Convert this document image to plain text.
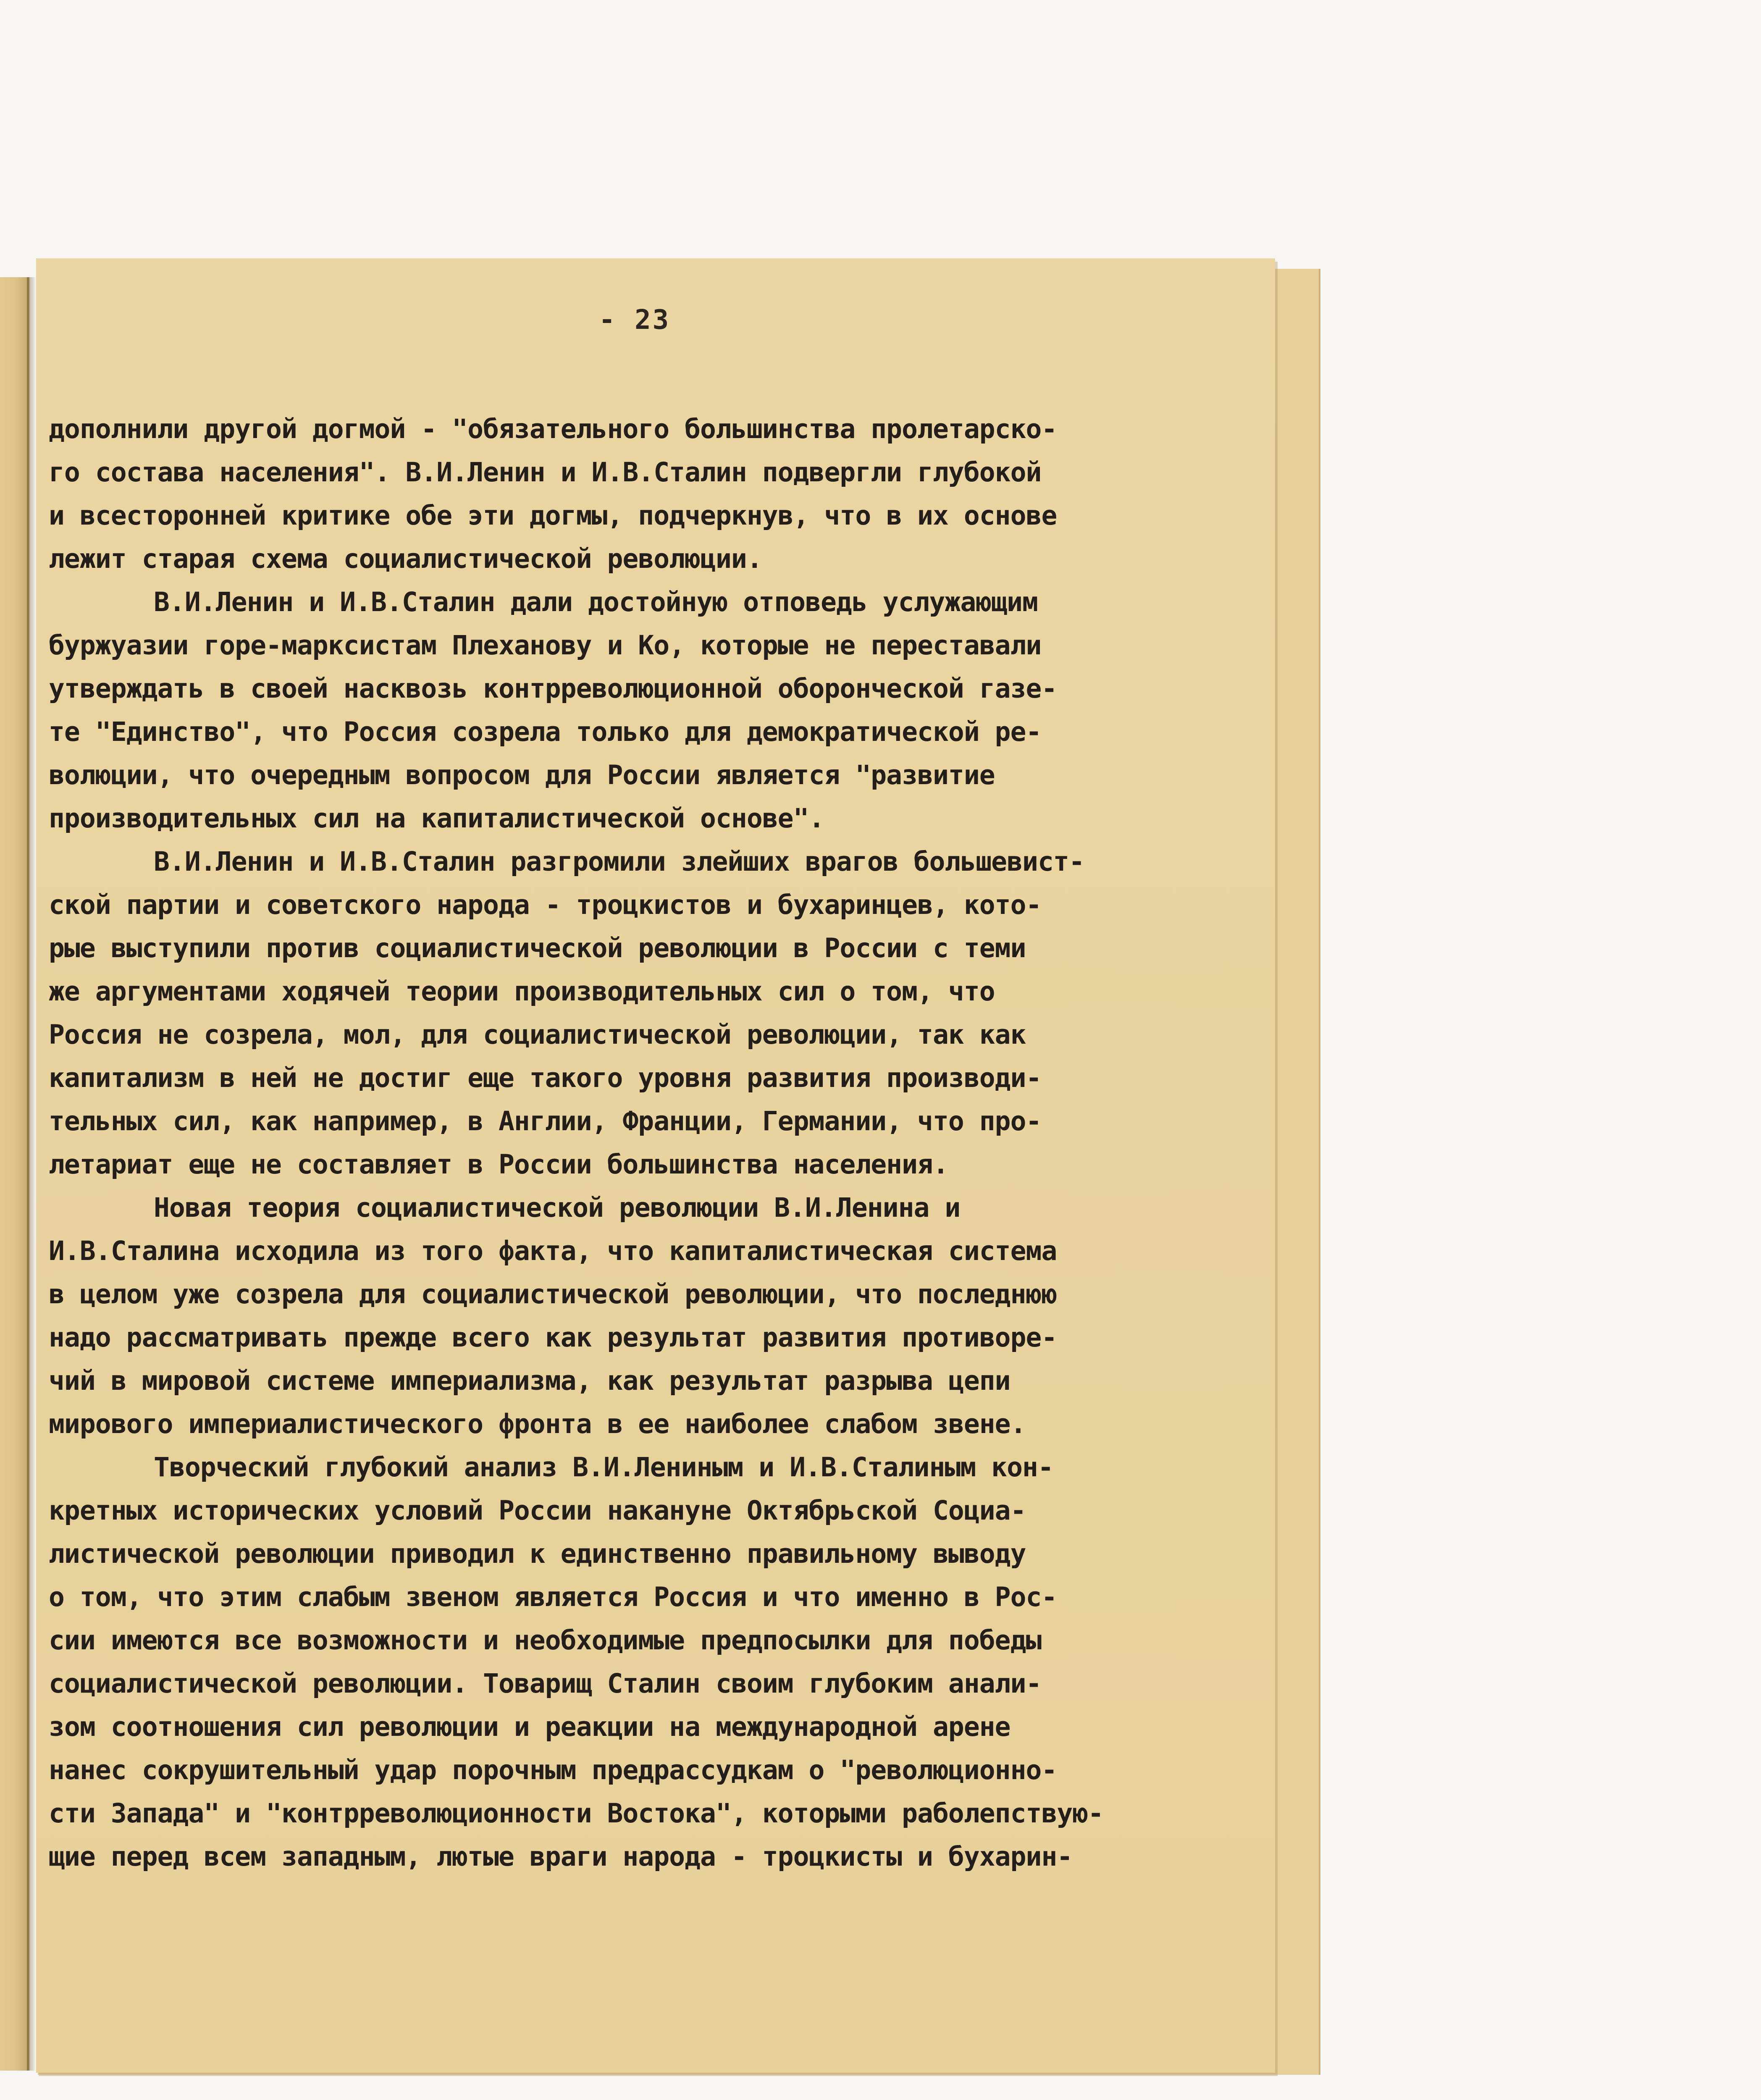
- 23
дополнили другой догмой - "обязательного большинства пролетарско-
го состава населения". В.И.Ленин и И.В.Сталин подвергли глубокой
и всесторонней критике обе эти догмы, подчеркнув, что в их основе
лежит старая схема социалистической революции.
В.И.Ленин и И.В.Сталин дали достойную отповедь услужающим
буржуазии горе-марксистам Плеханову и Ко, которые не переставали
утверждать в своей насквозь контрреволюционной оборончеcкой газе-
те "Единство", что Россия созрела только для демократической ре-
волюции, что очередным вопросом для России является "развитие
производительных сил на капиталистической основе".
В.И.Ленин и И.В.Сталин разгромили злейших врагов большевист-
ской партии и советского народа - троцкистов и бухаринцев, кото-
рые выступили против социалистической революции в России с теми
же аргументами ходячей теории производительных сил о том, что
Россия не созрела, мол, для социалистической революции, так как
капитализм в ней не достиг еще такого уровня развития производи-
тельных сил, как например, в Англии, Франции, Германии, что про-
летариат еще не составляет в России большинства населения.
Новая теория социалистической революции В.И.Ленина и
И.В.Сталина исходила из того факта, что капиталистическая система
в целом уже созрела для социалистической революции, что последнюю
надо рассматривать прежде всего как результат развития противоре-
чий в мировой системе империализма, как результат разрыва цепи
мирового империалистического фронта в ее наиболее слабом звене.
Творческий глубокий анализ В.И.Лениным и И.В.Сталиным кон-
кретных исторических условий России накануне Октябрьской Социа-
листической революции приводил к единственно правильному выводу
о том, что этим слабым звеном является Россия и что именно в Рос-
сии имеются все возможности и необходимые предпосылки для победы
социалистической революции. Товарищ Сталин своим глубоким анали-
зом соотношения сил революции и реакции на международной арене
нанес сокрушительный удар порочным предрассудкам о "революционно-
сти Запада" и "контрреволюционности Востока", которыми раболепствую-
щие перед всем западным, лютые враги народа - троцкисты и бухарин-
